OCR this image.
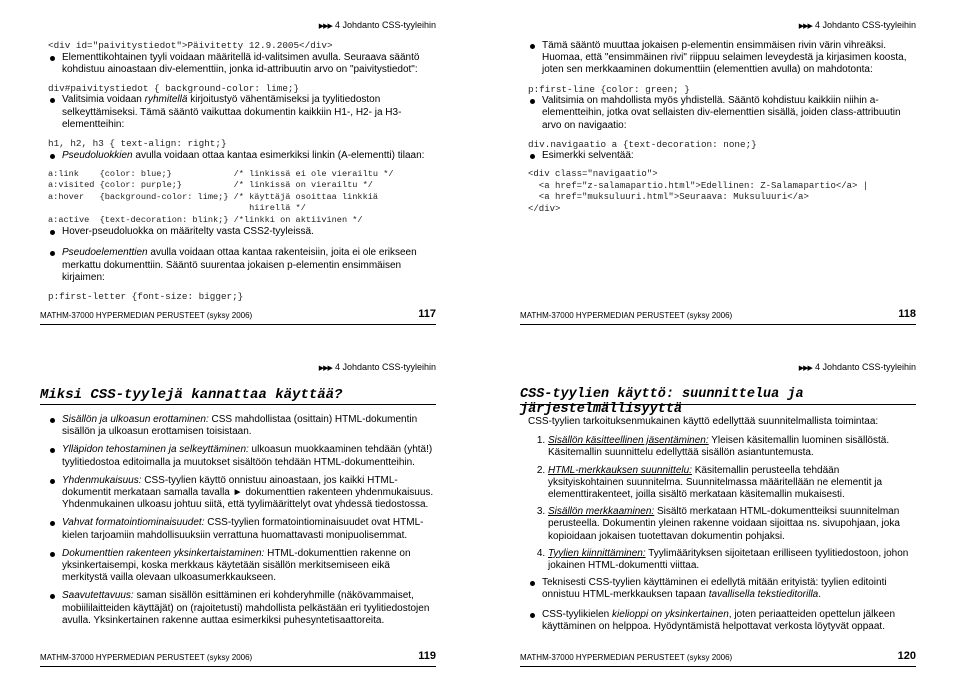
▶▶▶ 4 Johdanto CSS-tyyleihin
<div id="paivitystiedot">Päivitetty 12.9.2005</div>
Elementtikohtainen tyyli voidaan määritellä id-valitsimen avulla. Seuraava sääntö kohdistuu ainoastaan div-elementtiin, jonka id-attribuutin arvo on "paivitystiedot":
div#paivitystiedot { background-color: lime;}
Valitsimia voidaan ryhmitellä kirjoitustyö vähentämiseksi ja tyylitiedoston selkeyttämiseksi. Tämä sääntö vaikuttaa dokumentin kaikkiin H1-, H2- ja H3-elementteihin:
h1, h2, h3 { text-align: right;}
Pseudoluokkien avulla voidaan ottaa kantaa esimerkiksi linkin (A-elementti) tilaan:
a:link    {color: blue;}            /* linkissä ei ole vierailtu */
a:visited {color: purple;}          /* linkissä on vierailtu */
a:hover   {background-color: lime;} /* käyttäjä osoittaa linkkiä
hiirellä */
a:active  {text-decoration: blink;} /*linkki on aktiivinen */
Hover-pseudoluokka on määritelty vasta CSS2-tyyleissä.
Pseudoelementtien avulla voidaan ottaa kantaa rakenteisiin, joita ei ole erikseen merkattu dokumenttiin. Sääntö suurentaa jokaisen p-elementin ensimmäisen kirjaimen:
p:first-letter {font-size: bigger;}
MATHM-37000 HYPERMEDIAN PERUSTEET (syksy 2006)	117
▶▶▶ 4 Johdanto CSS-tyyleihin
Tämä sääntö muuttaa jokaisen p-elementin ensimmäisen rivin värin vihreäksi. Huomaa, että "ensimmäinen rivi" riippuu selaimen leveydestä ja kirjasimen koosta, joten sen merkkaaminen dokumenttiin (elementtien avulla) on mahdotonta:
p:first-line {color: green; }
Valitsimia on mahdollista myös yhdistellä. Sääntö kohdistuu kaikkiin niihin a-elementteihin, jotka ovat sellaisten div-elementtien sisällä, joiden class-attribuutin arvo on navigaatio:
div.navigaatio a {text-decoration: none;}
Esimerkki selventää:
<div class="navigaatio">
<a href="z-salamapartio.html">Edellinen: Z-Salamapartio</a> |
<a href="muksuluuri.html">Seuraava: Muksuluuri</a>
</div>
MATHM-37000 HYPERMEDIAN PERUSTEET (syksy 2006)	118
▶▶▶ 4 Johdanto CSS-tyyleihin
Miksi CSS-tyylejä kannattaa käyttää?
Sisällön ja ulkoasun erottaminen: CSS mahdollistaa (osittain) HTML-dokumentin sisällön ja ulkoasun erottamisen toisistaan.
Ylläpidon tehostaminen ja selkeyttäminen: ulkoasun muokkaaminen tehdään (yhtä!) tyylitiedostoa editoimalla ja muutokset sisältöön tehdään HTML-dokumentteihin.
Yhdenmukaisuus: CSS-tyylien käyttö onnistuu ainoastaan, jos kaikki HTML-dokumentit merkataan samalla tavalla ► dokumenttien rakenteen yhdenmukaisuus. Yhdenmukainen ulkoasu johtuu siitä, että tyylimäärittelyt ovat yhdessä tiedostossa.
Vahvat formatointiominaisuudet: CSS-tyylien formatointiominaisuudet ovat HTML-kielen tarjoamiin mahdollisuuksiin verrattuna huomattavasti monipuolisemmat.
Dokumenttien rakenteen yksinkertaistaminen: HTML-dokumenttien rakenne on yksinkertaisempi, koska merkkaus käytetään sisällön merkitsemiseen eikä merkitystä vailla olevaan ulkoasumerkkaukseen.
Saavutettavuus: saman sisällön esittäminen eri kohderyhmille (näkövammaiset, mobiililaitteiden käyttäjät) on (rajoitetusti) mahdollista pelkästään eri tyylitiedostojen avulla. Yksinkertainen rakenne auttaa esimerkiksi puhesyntetisaattoreita.
MATHM-37000 HYPERMEDIAN PERUSTEET (syksy 2006)	119
▶▶▶ 4 Johdanto CSS-tyyleihin
CSS-tyylien käyttö: suunnittelua ja järjestelmällisyyttä
CSS-tyylien tarkoituksenmukainen käyttö edellyttää suunnitelmallista toimintaa:
1. Sisällön käsitteellinen jäsentäminen: Yleisen käsitemallin luominen sisällöstä. Käsitemallin suunnittelu edellyttää sisällön asiantuntemusta.
2. HTML-merkkauksen suunnittelu: Käsitemallin perusteella tehdään yksityiskohtainen suunnitelma. Suunnitelmassa määritellään ne elementit ja elementtirakenteet, joilla sisältö merkataan käsitemallin mukaisesti.
3. Sisällön merkkaaminen: Sisältö merkataan HTML-dokumentteiksi suunnitelman perusteella. Dokumentin yleinen rakenne voidaan sijoittaa ns. sivupohjaan, joka kopioidaan jokaisen tuotettavan dokumentin pohjaksi.
4. Tyylien kiinnittäminen: Tyylimäärityksen sijoitetaan erilliseen tyylitiedostoon, johon jokainen HTML-dokumentti viittaa.
Teknisesti CSS-tyylien käyttäminen ei edellytä mitään erityistä: tyylien editointi onnistuu HTML-merkkauksen tapaan tavallisella tekstieditorilla.
CSS-tyylikielen kielioppi on yksinkertainen, joten periaatteiden opettelun jälkeen käyttäminen on helppoa. Hyödyntämistä helpottavat verkosta löytyvät oppaat.
MATHM-37000 HYPERMEDIAN PERUSTEET (syksy 2006)	120
